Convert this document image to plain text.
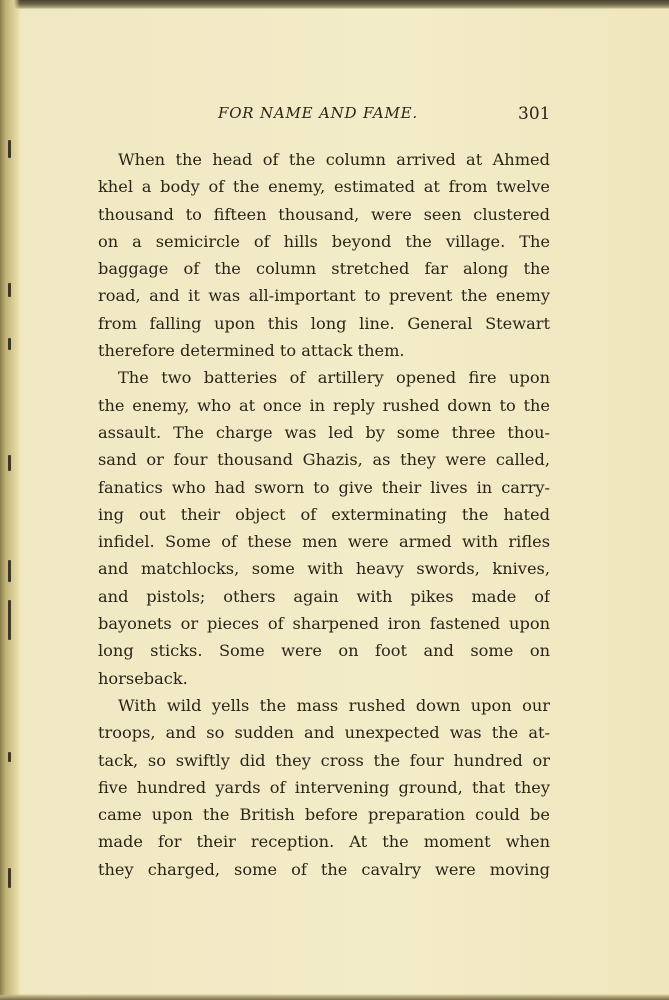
FOR NAME AND FAME.	301
When the head of the column arrived at Ahmed
khel a body of the enemy, estimated at from twelve
thousand to fifteen thousand, were seen clustered
on a semicircle of hills beyond the village. The
baggage of the column stretched far along the
road, and it was all-important to prevent the enemy
from falling upon this long line. General Stewart
therefore determined to attack them.
The two batteries of artillery opened fire upon
the enemy, who at once in reply rushed down to the
assault. The charge was led by some three thou-
sand or four thousand Ghazis, as they were called,
fanatics who had sworn to give their lives in carry-
ing out their object of exterminating the hated
infidel. Some of these men were armed with rifles
and matchlocks, some with heavy swords, knives,
and pistols; others again with pikes made of
bayonets or pieces of sharpened iron fastened upon
long sticks. Some were on foot and some on
horseback.
With wild yells the mass rushed down upon our
troops, and so sudden and unexpected was the at-
tack, so swiftly did they cross the four hundred or
five hundred yards of intervening ground, that they
came upon the British before preparation could be
made for their reception. At the moment when
they charged, some of the cavalry were moving
